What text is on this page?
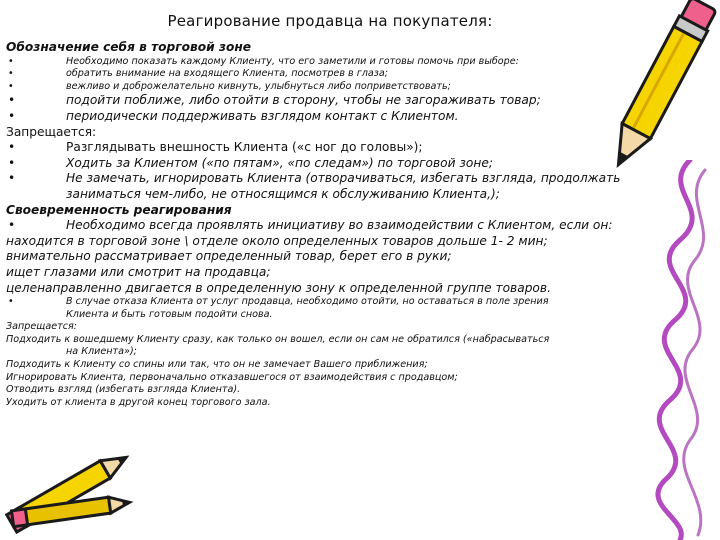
Реагирование продавца на покупателя:
Обозначение себя в торговой зоне
•	Необходимо показать каждому Клиенту, что его заметили и готовы помочь при выборе:
•	обратить внимание на входящего Клиента, посмотрев в глаза;
•	вежливо и доброжелательно кивнуть, улыбнуться либо поприветствовать;
•	подойти поближе, либо отойти в сторону, чтобы не загораживать товар;
•	периодически поддерживать взглядом контакт с Клиентом.
Запрещается:
•	Разглядывать внешность Клиента («с ног до головы»);
•	Ходить за Клиентом («по пятам», «по следам») по торговой зоне;
•	Не замечать, игнорировать Клиента (отворачиваться, избегать взгляда, продолжать
заниматься чем-либо, не относящимся к обслуживанию Клиента,);
Своевременность реагирования
•	Необходимо всегда проявлять инициативу во взаимодействии с Клиентом, если он:
находится в торговой зоне \ отделе около определенных товаров дольше 1- 2 мин;
внимательно рассматривает определенный товар, берет его в руки;
ищет глазами или смотрит на продавца;
целенаправленно двигается в определенную зону к определенной группе товаров.
•	В случае отказа Клиента от услуг продавца, необходимо отойти, но оставаться в поле зрения
Клиента и быть готовым подойти снова.
Запрещается:
Подходить к вошедшему Клиенту сразу, как только он вошел, если он сам не обратился («набрасываться
на Клиента»);
Подходить к Клиенту со спины или так, что он не замечает Вашего приближения;
Игнорировать Клиента, первоначально отказавшегося от взаимодействия с продавцом;
Отводить взгляд (избегать взгляда Клиента).
Уходить от клиента в другой конец торгового зала.
